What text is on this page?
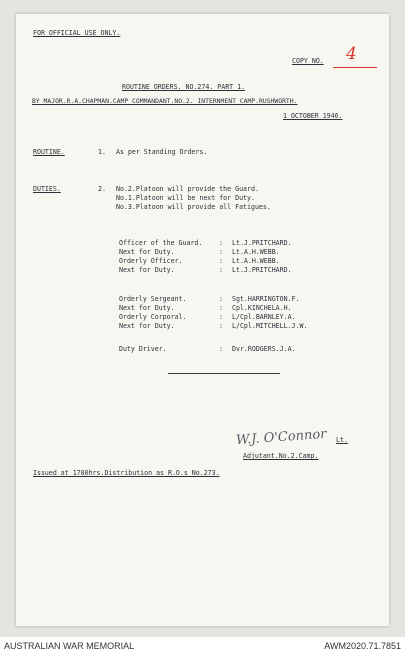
FOR OFFICIAL USE ONLY.
COPY NO. 4
ROUTINE ORDERS. NO.274. PART 1.
BY MAJOR.R.A.CHAPMAN.CAMP COMMANDANT.NO.2. INTERNMENT CAMP.RUSHWORTH.
1 OCTOBER 1946.
ROUTINE.	1. As per Standing Orders.
DUTIES.	2. No.2.Platoon will provide the Guard.
No.1.Platoon will be next for Duty.
No.3.Platoon will provide all Fatigues.
Officer of the Guard.	: Lt.J.PRITCHARD.
Next for Duty.	: Lt.A.H.WEBB.
Orderly Officer.	: Lt.A.H.WEBB.
Next for Duty.	: Lt.J.PRITCHARD.
Orderly Sergeant.	: Sgt.HARRINGTON.F.
Next for Duty.	: Cpl.KINCHELA.H.
Orderly Corporal.	: L/Cpl.BARNLEY.A.
Next for Duty.	: L/Cpl.MITCHELL.J.W.
Duty Driver.	: Dvr.RODGERS.J.A.
W.J. O'Connor Lt.
Adjutant.No.2.Camp.
Issued at 1700hrs.Distribution as R.O.s No.273.
AUSTRALIAN WAR MEMORIAL	AWM2020.71.7851
